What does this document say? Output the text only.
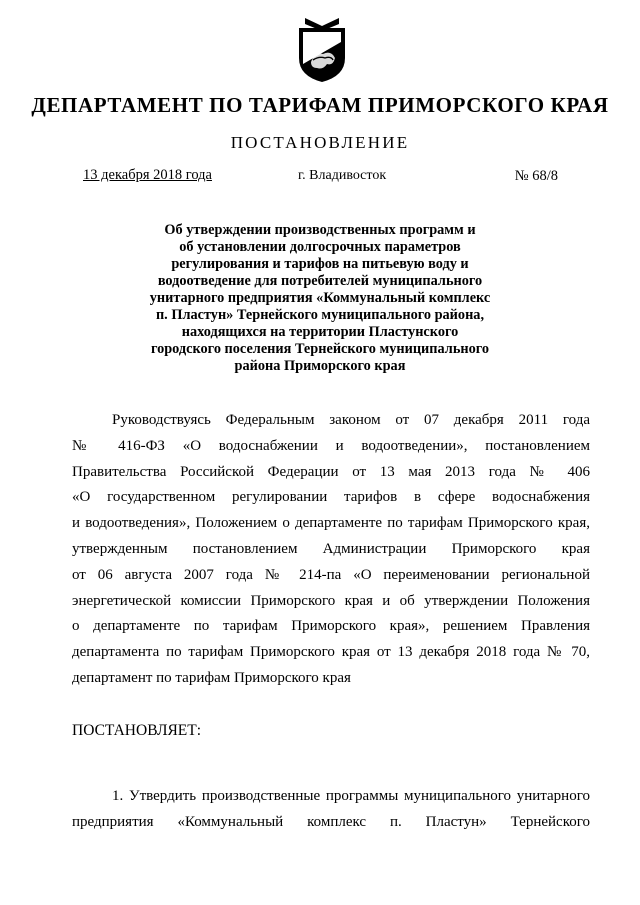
ДЕПАРТАМЕНТ ПО ТАРИФАМ ПРИМОРСКОГО КРАЯ
ПОСТАНОВЛЕНИЕ
13 декабря 2018 года	г. Владивосток	№ 68/8
Об утверждении производственных программ и
об установлении долгосрочных параметров
регулирования и тарифов на питьевую воду и
водоотведение для потребителей муниципального
унитарного предприятия «Коммунальный комплекс
п. Пластун» Тернейского муниципального района,
находящихся на территории Пластунского
городского поселения Тернейского муниципального
района Приморского края
Руководствуясь Федеральным законом от 07 декабря 2011 года
№ 416-ФЗ «О водоснабжении и водоотведении», постановлением
Правительства Российской Федерации от 13 мая 2013 года № 406
«О государственном регулировании тарифов в сфере водоснабжения
и водоотведения», Положением о департаменте по тарифам Приморского края,
утвержденным постановлением Администрации Приморского края
от 06 августа 2007 года № 214-па «О переименовании региональной
энергетической комиссии Приморского края и об утверждении Положения
о департаменте по тарифам Приморского края», решением Правления
департамента по тарифам Приморского края от 13 декабря 2018 года № 70,
департамент по тарифам Приморского края
ПОСТАНОВЛЯЕТ:
1. Утвердить производственные программы муниципального унитарного
предприятия «Коммунальный комплекс п. Пластун» Тернейского
